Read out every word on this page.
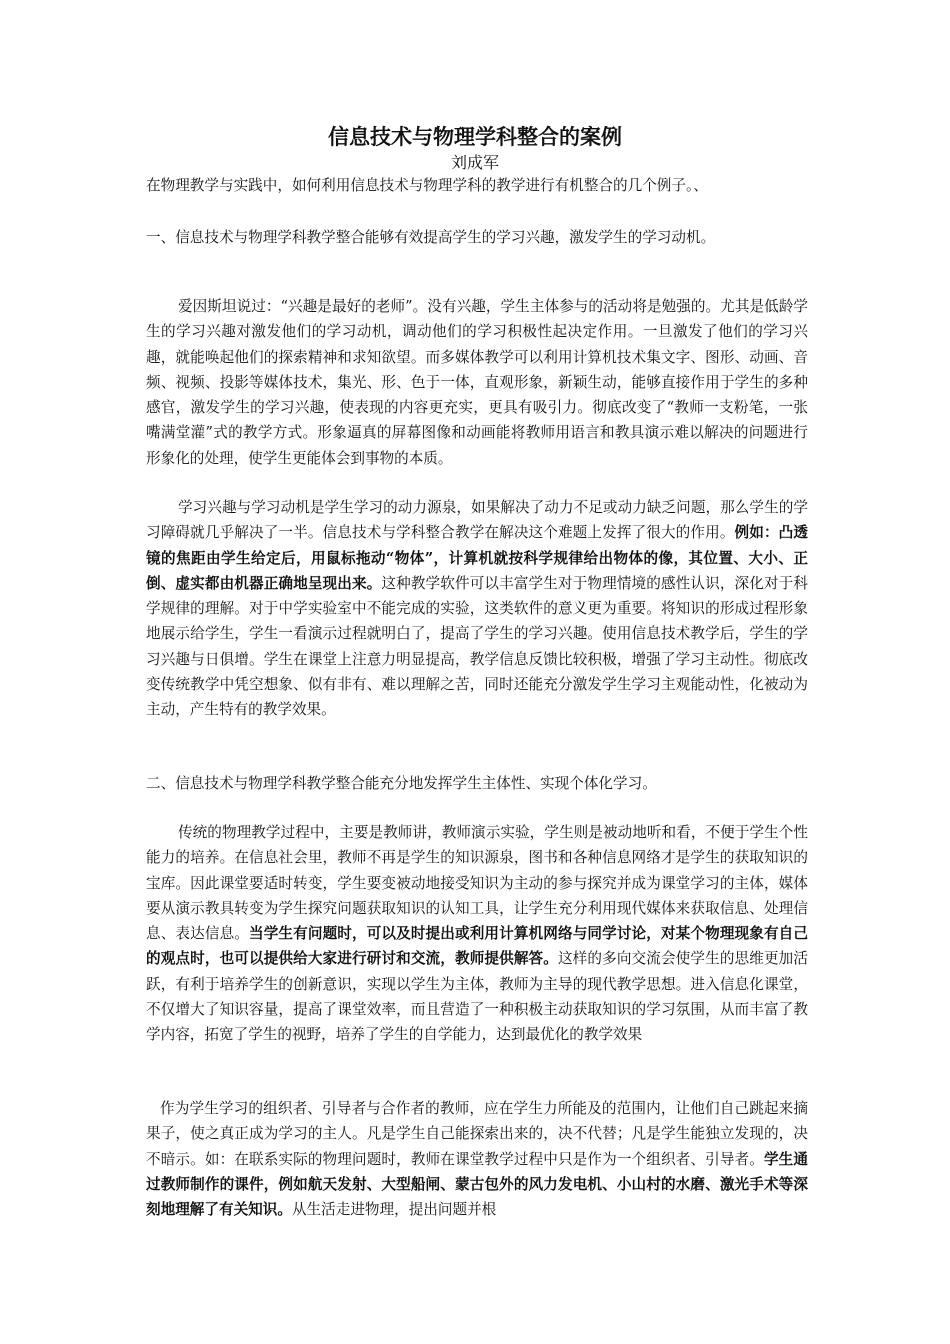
信息技术与物理学科整合的案例
刘成军

在物理教学与实践中，如何利用信息技术与物理学科的教学进行有机整合的几个例子。、

一、信息技术与物理学科教学整合能够有效提高学生的学习兴趣，激发学生的学习动机。

爱因斯坦说过：“兴趣是最好的老师”。没有兴趣，学生主体参与的活动将是勉强的。尤其是低龄学生的学习兴趣对激发他们的学习动机，调动他们的学习积极性起决定作用。一旦激发了他们的学习兴趣，就能唤起他们的探索精神和求知欲望。而多媒体教学可以利用计算机技术集文字、图形、动画、音频、视频、投影等媒体技术，集光、形、色于一体，直观形象，新颖生动，能够直接作用于学生的多种感官，激发学生的学习兴趣，使表现的内容更充实，更具有吸引力。彻底改变了“教师一支粉笔，一张嘴满堂灌”式的教学方式。形象逼真的屏幕图像和动画能将教师用语言和教具演示难以解决的问题进行形象化的处理，使学生更能体会到事物的本质。

学习兴趣与学习动机是学生学习的动力源泉，如果解决了动力不足或动力缺乏问题，那么学生的学习障碍就几乎解决了一半。信息技术与学科整合教学在解决这个难题上发挥了很大的作用。例如：凸透镜的焦距由学生给定后，用鼠标拖动“物体”，计算机就按科学规律给出物体的像，其位置、大小、正倒、虚实都由机器正确地呈现出来。这种教学软件可以丰富学生对于物理情境的感性认识，深化对于科学规律的理解。对于中学实验室中不能完成的实验，这类软件的意义更为重要。将知识的形成过程形象地展示给学生，学生一看演示过程就明白了，提高了学生的学习兴趣。使用信息技术教学后，学生的学习兴趣与日俱增。学生在课堂上注意力明显提高，教学信息反馈比较积极，增强了学习主动性。彻底改变传统教学中凭空想象、似有非有、难以理解之苦，同时还能充分激发学生学习主观能动性，化被动为主动，产生特有的教学效果。

二、信息技术与物理学科教学整合能充分地发挥学生主体性、实现个体化学习。

传统的物理教学过程中，主要是教师讲，教师演示实验，学生则是被动地听和看，不便于学生个性能力的培养。在信息社会里，教师不再是学生的知识源泉，图书和各种信息网络才是学生的获取知识的宝库。因此课堂要适时转变，学生要变被动地接受知识为主动的参与探究并成为课堂学习的主体，媒体要从演示教具转变为学生探究问题获取知识的认知工具，让学生充分利用现代媒体来获取信息、处理信息、表达信息。当学生有问题时，可以及时提出或利用计算机网络与同学讨论，对某个物理现象有自己的观点时，也可以提供给大家进行研讨和交流，教师提供解答。这样的多向交流会使学生的思维更加活跃，有利于培养学生的创新意识，实现以学生为主体，教师为主导的现代教学思想。进入信息化课堂，不仅增大了知识容量，提高了课堂效率，而且营造了一种积极主动获取知识的学习氛围，从而丰富了教学内容，拓宽了学生的视野，培养了学生的自学能力，达到最优化的教学效果

作为学生学习的组织者、引导者与合作者的教师，应在学生力所能及的范围内，让他们自己跳起来摘果子，使之真正成为学习的主人。凡是学生自己能探索出来的，决不代替；凡是学生能独立发现的，决不暗示。如：在联系实际的物理问题时，教师在课堂教学过程中只是作为一个组织者、引导者。学生通过教师制作的课件，例如航天发射、大型船闸、蒙古包外的风力发电机、小山村的水磨、激光手术等深刻地理解了有关知识。从生活走进物理，提出问题并根
